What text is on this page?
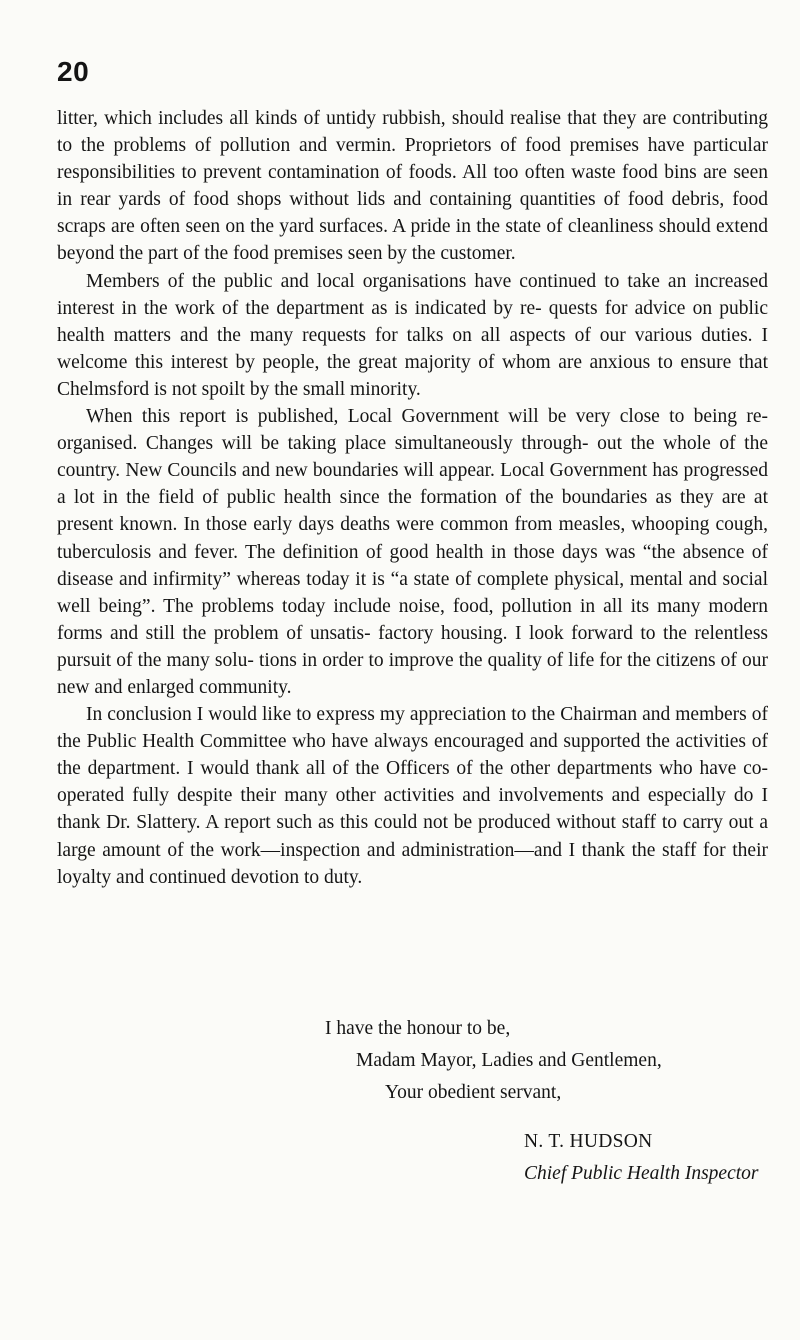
20

litter, which includes all kinds of untidy rubbish, should realise that they are contributing to the problems of pollution and vermin. Proprietors of food premises have particular responsibilities to prevent contamination of foods. All too often waste food bins are seen in rear yards of food shops without lids and containing quantities of food debris, food scraps are often seen on the yard surfaces. A pride in the state of cleanliness should extend beyond the part of the food premises seen by the customer.

Members of the public and local organisations have continued to take an increased interest in the work of the department as is indicated by re- quests for advice on public health matters and the many requests for talks on all aspects of our various duties. I welcome this interest by people, the great majority of whom are anxious to ensure that Chelmsford is not spoilt by the small minority.

When this report is published, Local Government will be very close to being re-organised. Changes will be taking place simultaneously through- out the whole of the country. New Councils and new boundaries will appear. Local Government has progressed a lot in the field of public health since the formation of the boundaries as they are at present known. In those early days deaths were common from measles, whooping cough, tuberculosis and fever. The definition of good health in those days was “the absence of disease and infirmity” whereas today it is “a state of complete physical, mental and social well being”. The problems today include noise, food, pollution in all its many modern forms and still the problem of unsatis- factory housing. I look forward to the relentless pursuit of the many solu- tions in order to improve the quality of life for the citizens of our new and enlarged community.

In conclusion I would like to express my appreciation to the Chairman and members of the Public Health Committee who have always encouraged and supported the activities of the department. I would thank all of the Officers of the other departments who have co-operated fully despite their many other activities and involvements and especially do I thank Dr. Slattery. A report such as this could not be produced without staff to carry out a large amount of the work—inspection and administration—and I thank the staff for their loyalty and continued devotion to duty.

I have the honour to be,
Madam Mayor, Ladies and Gentlemen,
Your obedient servant,
N. T. HUDSON
Chief Public Health Inspector
